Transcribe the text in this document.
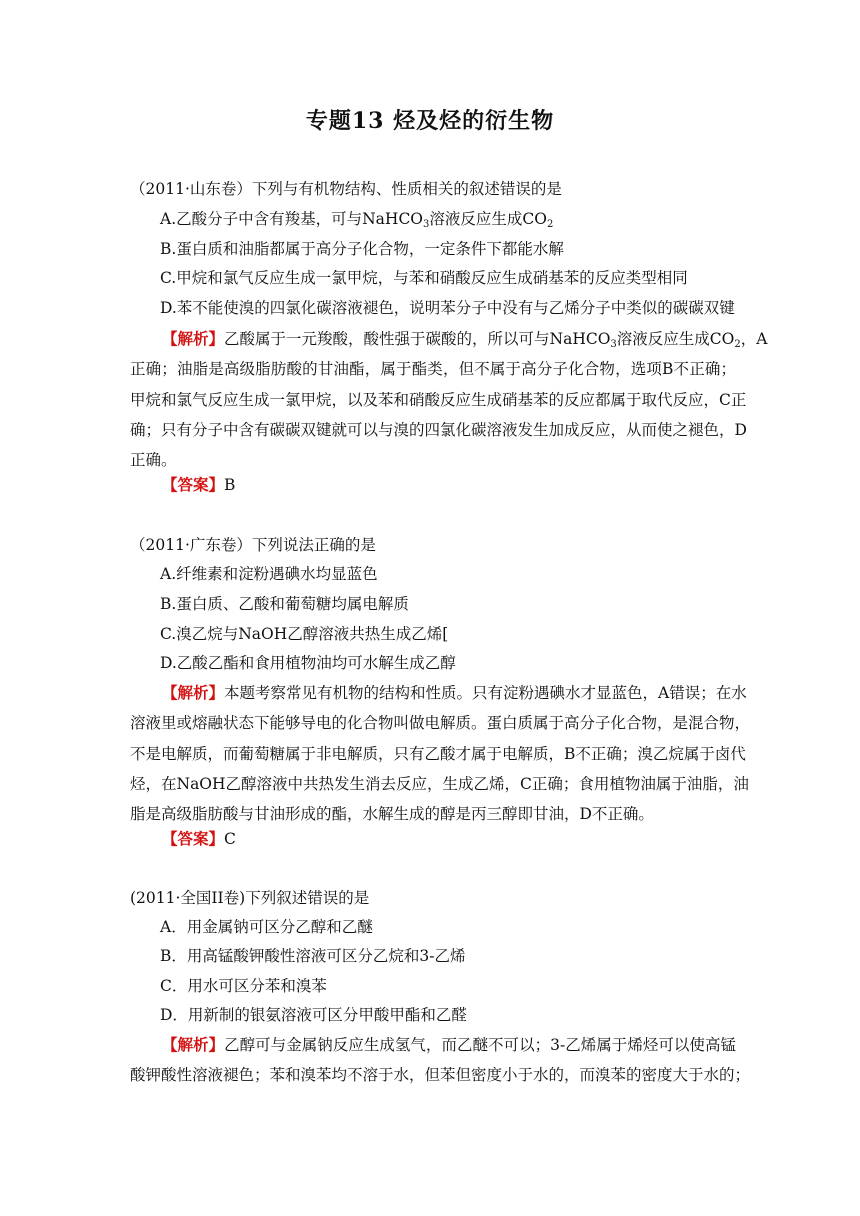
专题13 烃及烃的衍生物
（2011·山东卷）下列与有机物结构、性质相关的叙述错误的是
A.乙酸分子中含有羧基，可与NaHCO$_3$溶液反应生成$CO_2$
B.蛋白质和油脂都属于高分子化合物，一定条件下都能水解
C.甲烷和氯气反应生成一氯甲烷，与苯和硝酸反应生成硝基苯的反应类型相同
D.苯不能使溴的四氯化碳溶液褪色，说明苯分子中没有与乙烯分子中类似的碳碳双键
【解析】乙酸属于一元羧酸，酸性强于碳酸的，所以可与NaHCO$_3$溶液反应生成$CO_2$，A
正确；油脂是高级脂肪酸的甘油酯，属于酯类，但不属于高分子化合物，选项B不正确；
甲烷和氯气反应生成一氯甲烷，以及苯和硝酸反应生成硝基苯的反应都属于取代反应，C正
确；只有分子中含有碳碳双键就可以与溴的四氯化碳溶液发生加成反应，从而使之褪色，D
正确。
【答案】B
（2011·广东卷）下列说法正确的是
A.纤维素和淀粉遇碘水均显蓝色
B.蛋白质、乙酸和葡萄糖均属电解质
C.溴乙烷与NaOH乙醇溶液共热生成乙烯[
D.乙酸乙酯和食用植物油均可水解生成乙醇
【解析】本题考察常见有机物的结构和性质。只有淀粉遇碘水才显蓝色，A错误；在水
溶液里或熔融状态下能够导电的化合物叫做电解质。蛋白质属于高分子化合物，是混合物，
不是电解质，而葡萄糖属于非电解质，只有乙酸才属于电解质，B不正确；溴乙烷属于卤代
烃，在NaOH乙醇溶液中共热发生消去反应，生成乙烯，C正确；食用植物油属于油脂，油
脂是高级脂肪酸与甘油形成的酯，水解生成的醇是丙三醇即甘油，D不正确。
【答案】C
(2011·全国II卷)下列叙述错误的是
A．用金属钠可区分乙醇和乙醚
B．用高锰酸钾酸性溶液可区分乙烷和3-乙烯
C．用水可区分苯和溴苯
D．用新制的银氨溶液可区分甲酸甲酯和乙醛
【解析】乙醇可与金属钠反应生成氢气，而乙醚不可以；3-乙烯属于烯烃可以使高锰
酸钾酸性溶液褪色；苯和溴苯均不溶于水，但苯但密度小于水的，而溴苯的密度大于水的；
